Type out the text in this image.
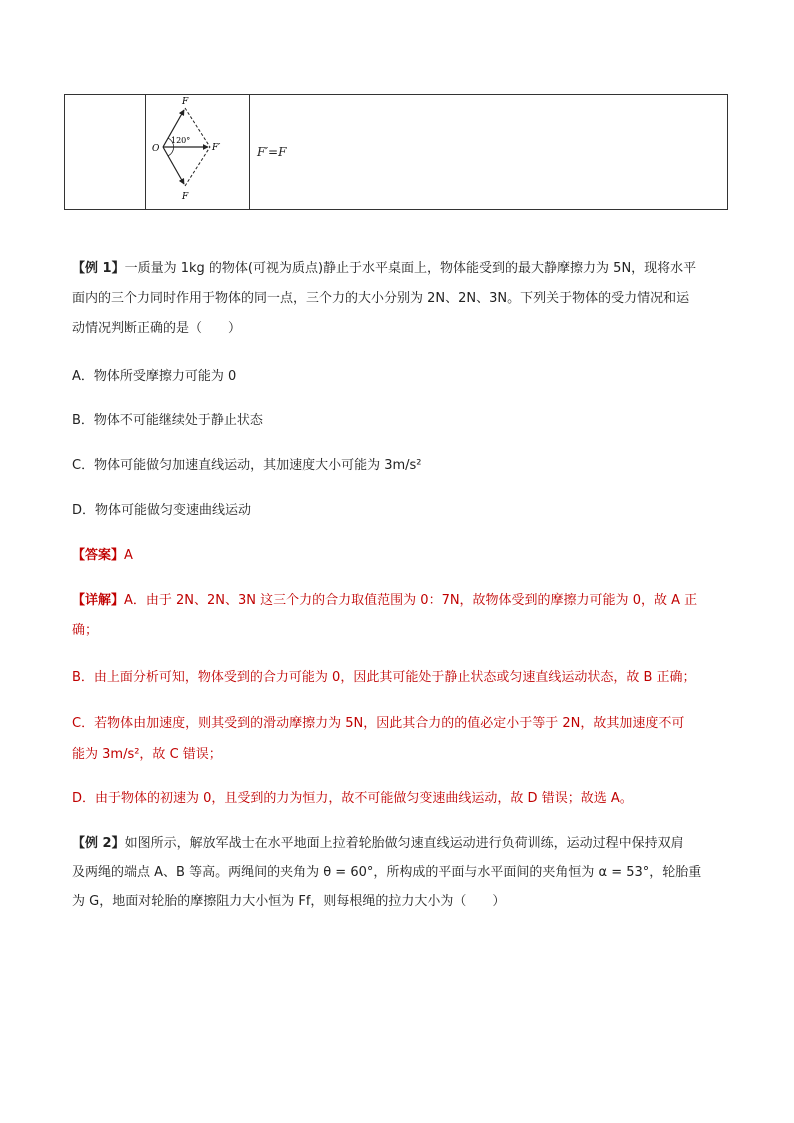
F
F
O	F′
120°
F′=F
【例 1】一质量为 1kg 的物体(可视为质点)静止于水平桌面上，物体能受到的最大静摩擦力为 5N，现将水平
面内的三个力同时作用于物体的同一点，三个力的大小分别为 2N、2N、3N。下列关于物体的受力情况和运
动情况判断正确的是（　　）
A．物体所受摩擦力可能为 0
B．物体不可能继续处于静止状态
C．物体可能做匀加速直线运动，其加速度大小可能为 3m/s²
D．物体可能做匀变速曲线运动
【答案】A
【详解】A．由于 2N、2N、3N 这三个力的合力取值范围为 0：7N，故物体受到的摩擦力可能为 0，故 A 正
确；
B．由上面分析可知，物体受到的合力可能为 0，因此其可能处于静止状态或匀速直线运动状态，故 B 正确；
C．若物体由加速度，则其受到的滑动摩擦力为 5N，因此其合力的的值必定小于等于 2N，故其加速度不可
能为 3m/s²，故 C 错误；
D．由于物体的初速为 0，且受到的力为恒力，故不可能做匀变速曲线运动，故 D 错误；故选 A。
【例 2】如图所示，解放军战士在水平地面上拉着轮胎做匀速直线运动进行负荷训练，运动过程中保持双肩
及两绳的端点 A、B 等高。两绳间的夹角为 θ = 60°，所构成的平面与水平面间的夹角恒为 α = 53°，轮胎重
为 G，地面对轮胎的摩擦阻力大小恒为 Ff，则每根绳的拉力大小为（　　）
